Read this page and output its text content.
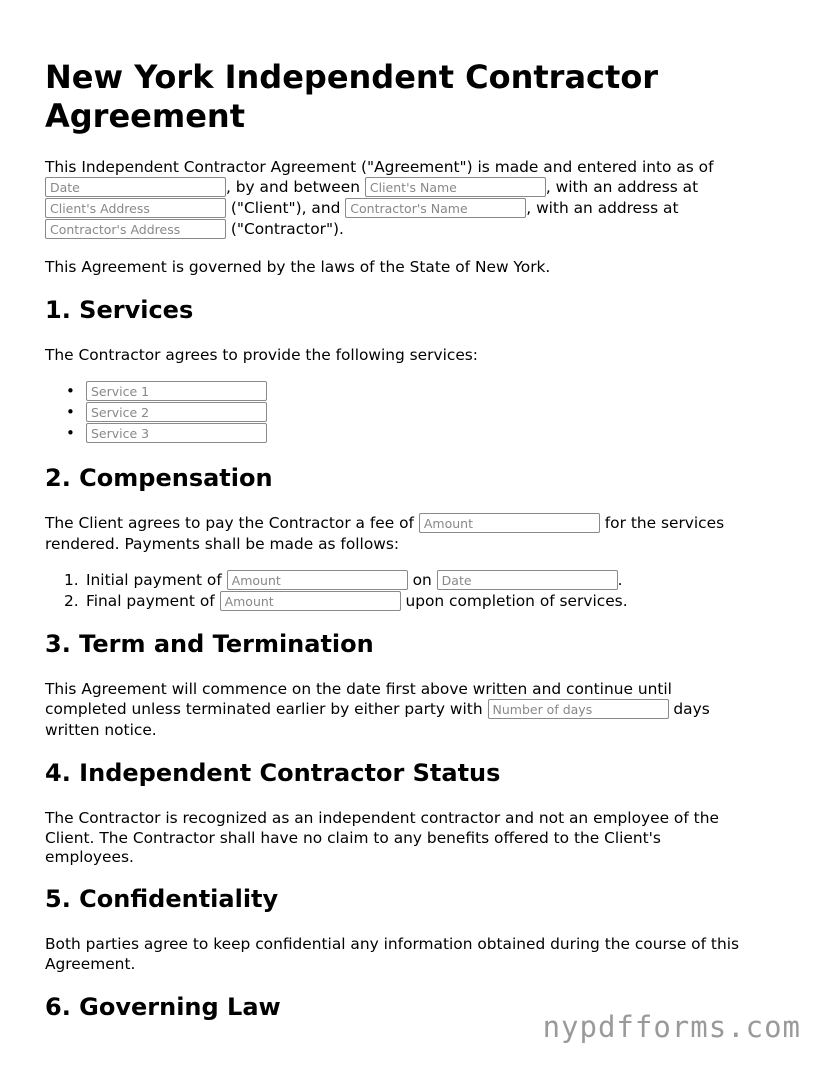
New York Independent Contractor Agreement
This Independent Contractor Agreement ("Agreement") is made and entered into as of
Date, by and between Client's Name	, with an address at
Client's Address ("Client"), and Contractor's Name	, with an address at
Contractor's Address ("Contractor").

This Agreement is governed by the laws of the State of New York.

1. Services

The Contractor agrees to provide the following services:

•
Service 1
•
Service 2
•
Service 3
2. Compensation
The Client agrees to pay the Contractor a fee of Amount	for the services

rendered. Payments shall be made as follows:

1. Initial payment of Amount	on Date	.
2. Final payment of Amount	upon completion of services.
3. Term and Termination

This Agreement will commence on the date first above written and continue until

completed unless terminated earlier by either party with Number of days	days

written notice.

4. Independent Contractor Status

The Contractor is recognized as an independent contractor and not an employee of the

Client. The Contractor shall have no claim to any benefits offered to the Client's

employees.

5. Confidentiality

Both parties agree to keep confidential any information obtained during the course of this

Agreement.

6. Governing Law
nypdfforms.com
